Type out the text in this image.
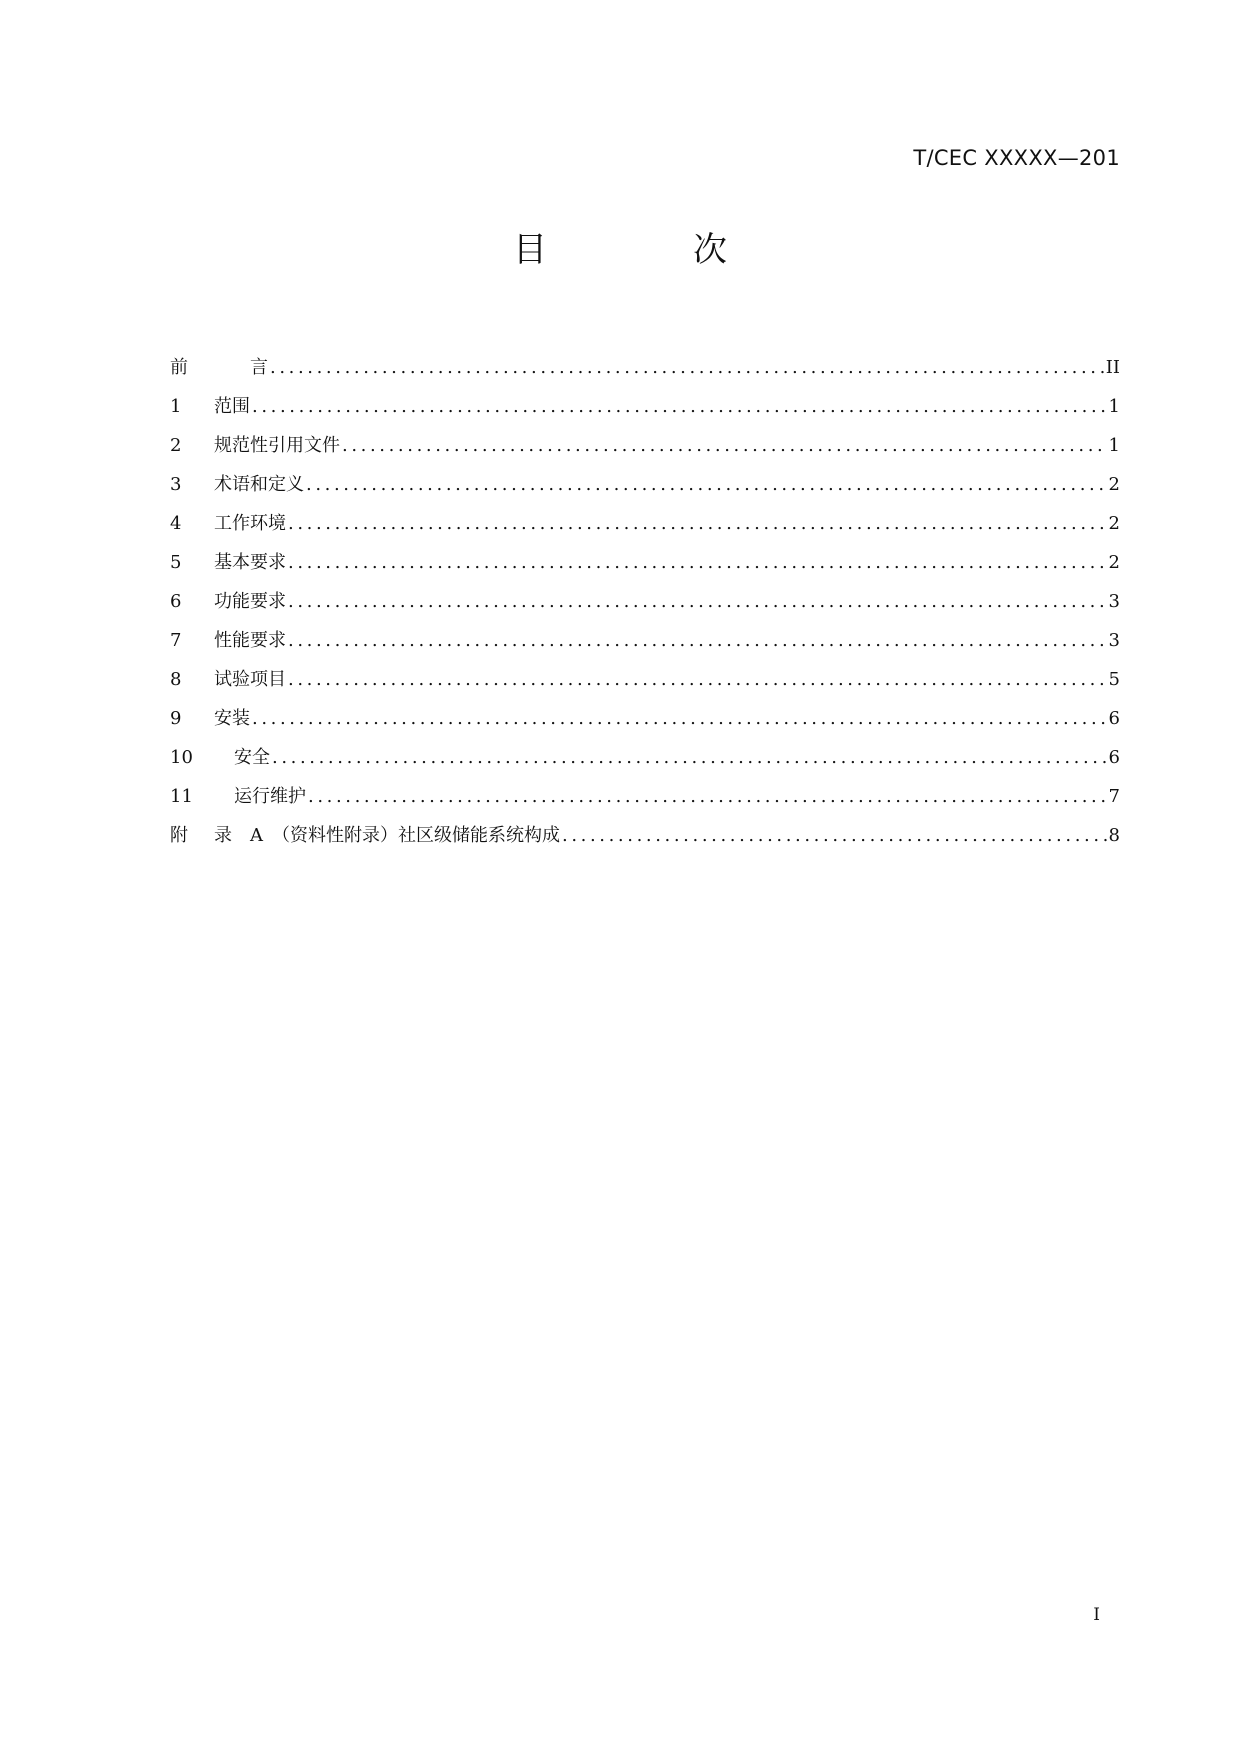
T/CEC XXXXX—201
目　次
前	　　言 .....	II
1	范围 .....	1
2	规范性引用文件 .....	1
3	术语和定义 .....	2
4	工作环境 .....	2
5	基本要求 .....	2
6	功能要求 .....	3
7	性能要求 .....	3
8	试验项目 .....	5
9	安装 .....	6
10	安全 .....	6
11	运行维护 .....	7
附	录　A　（资料性附录）社区级储能系统构成 .....	8
I
